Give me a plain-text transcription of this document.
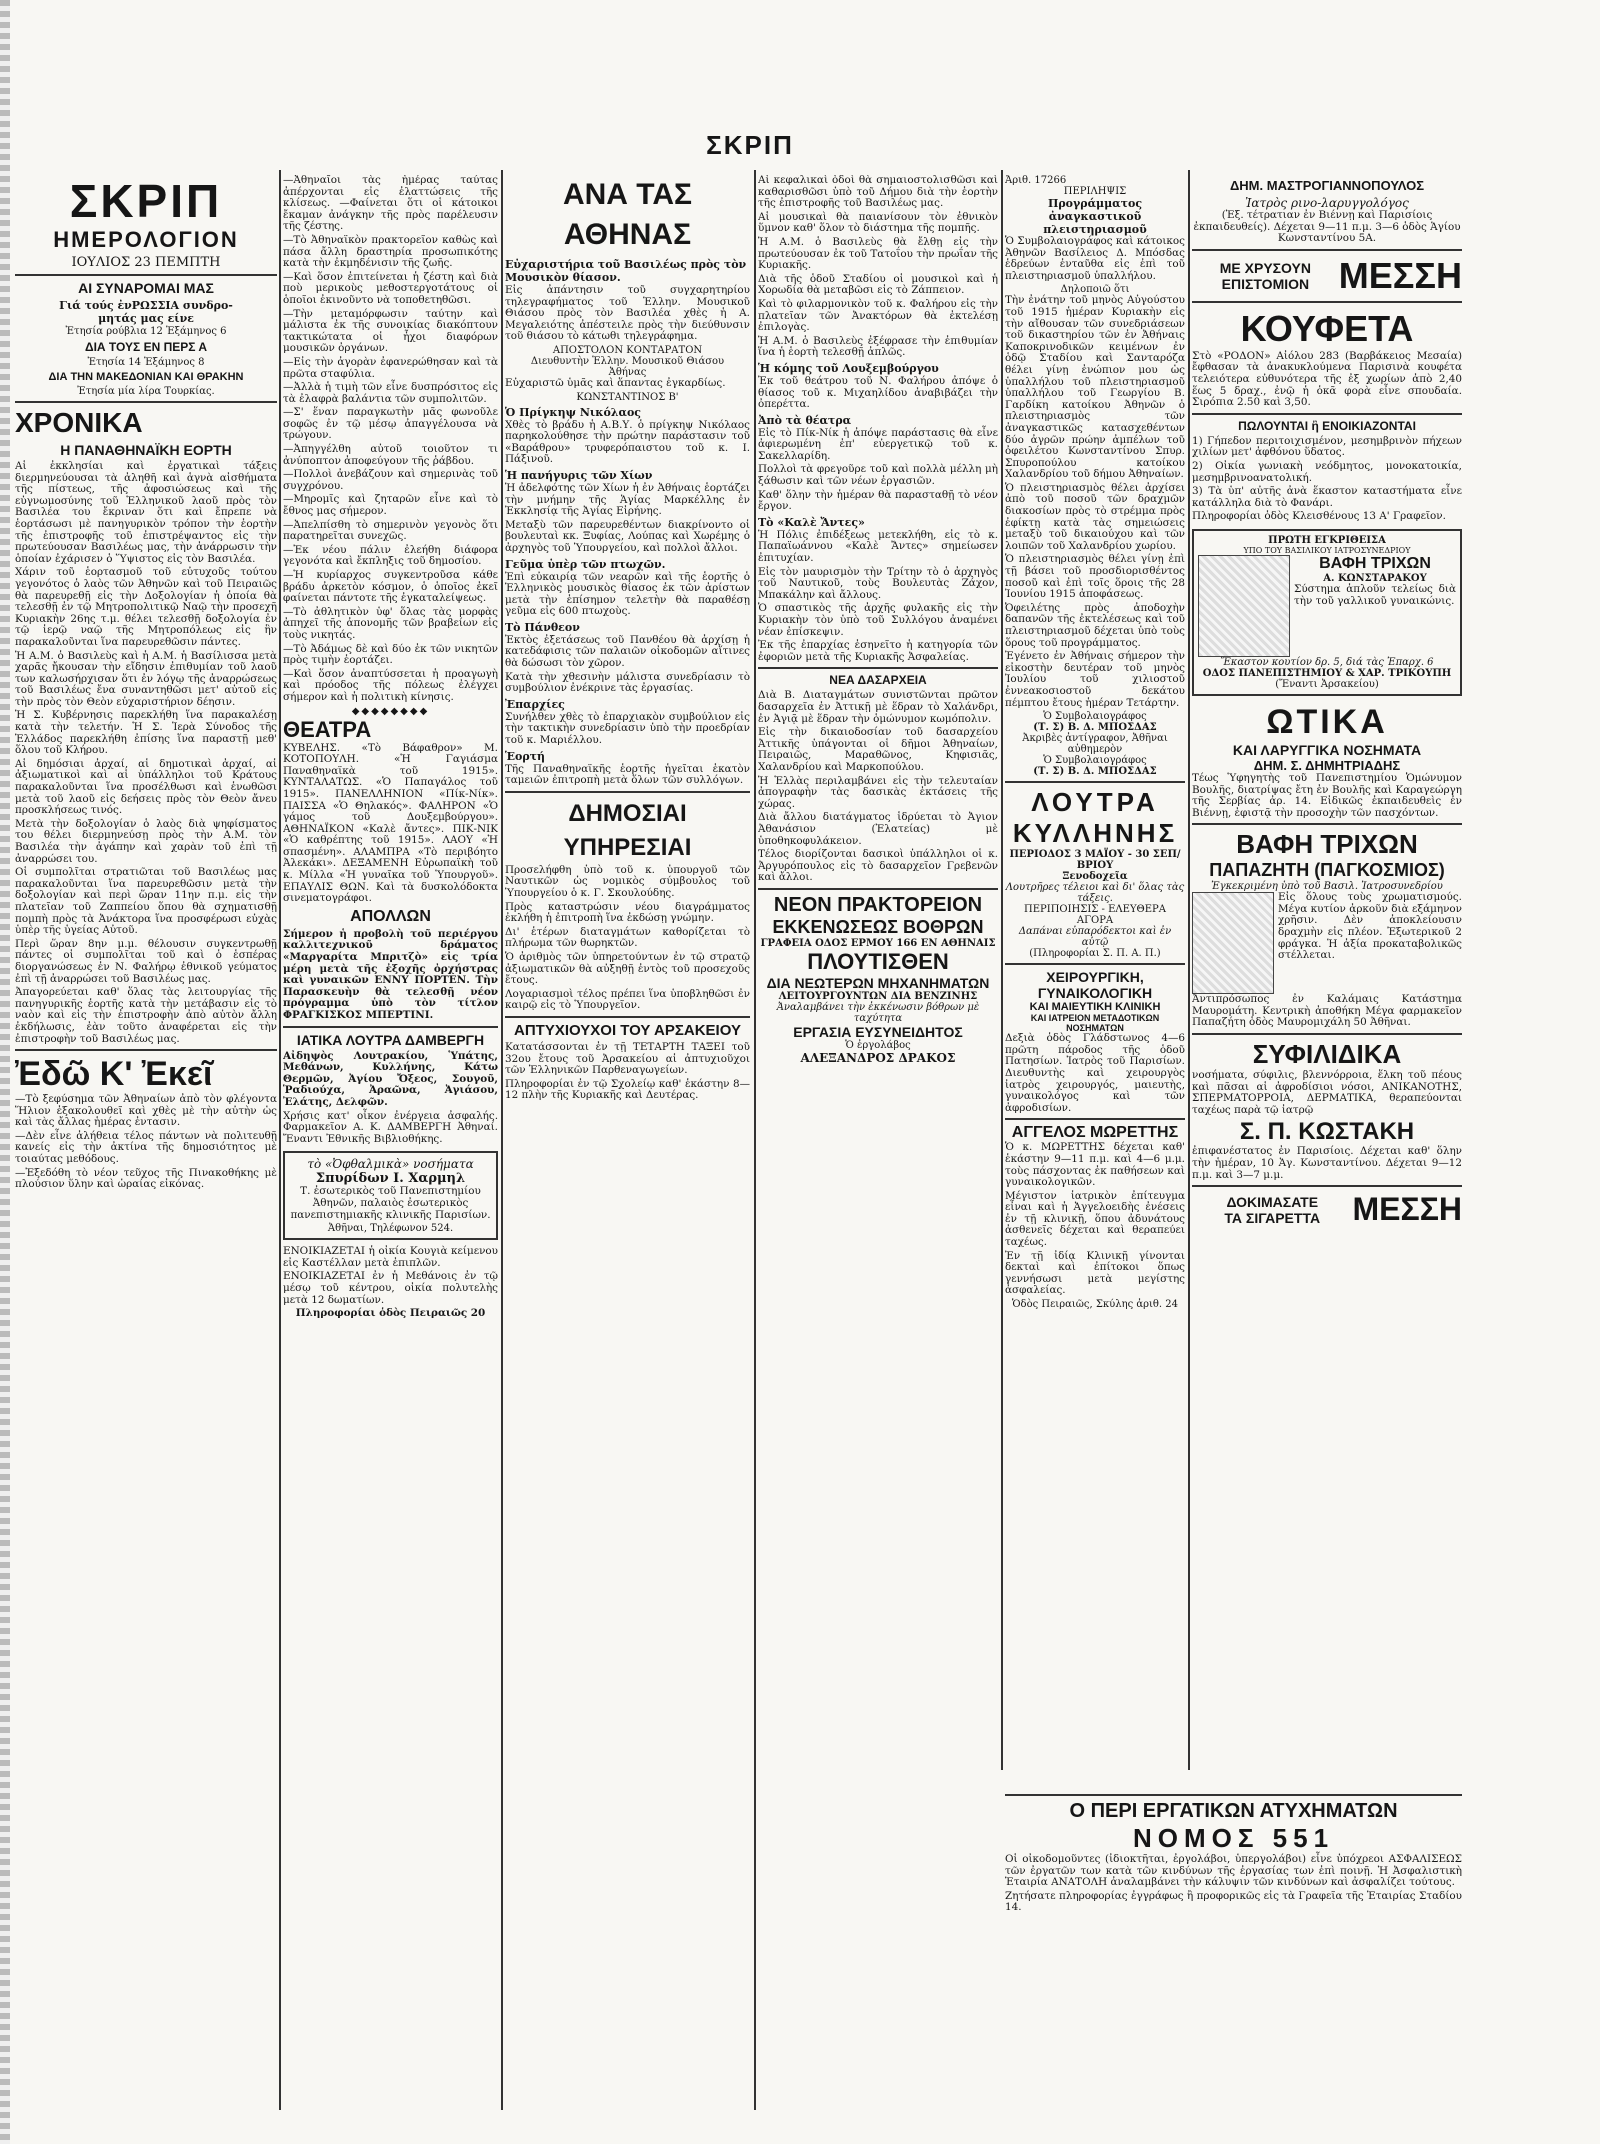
ΣΚΡΙΠ
ΣΚΡΙΠ
ΗΜΕΡΟΛΟΓΙΟΝ
ΙΟΥΛΙΟΣ 23 ΠΕΜΠΤΗ
ΑΙ ΣΥΝΑΡΟΜΑΙ ΜΑΣ
Γιά τούς ἐνΡΩΣΣΙΑ συνδρο-
μητάς μας είνε
Ἐτησία ρούβλια 12 Ἑξάμηνος 6
ΔΙΑ ΤΟΥΣ ΕΝ ΠΕΡΣ Α
Ἐτησία 14 Ἑξάμηνος 8
ΔΙΑ ΤΗΝ ΜΑΚΕΔΟΝΙΑΝ ΚΑΙ ΘΡΑΚΗΝ
Ἐτησία μία λίρα Τουρκίας.
ΧΡΟΝΙΚΑ
Η ΠΑΝΑΘΗΝΑΪΚΗ ΕΟΡΤΗ

Αἱ ἐκκλησίαι καὶ ἐργατικαὶ τάξεις διερμηνεύουσαι τὰ ἀληθῆ καὶ ἁγνὰ αἰσθήματα τῆς πίστεως, τῆς ἀφοσιώσεως καὶ τῆς εὐγνωμοσύνης τοῦ Ἑλληνικοῦ λαοῦ πρὸς τὸν Βασιλέα του ἔκριναν ὅτι καὶ ἔπρεπε νὰ ἑορτάσωσι μὲ πανηγυρικὸν τρόπον τὴν ἑορτὴν τῆς ἐπιστροφῆς τοῦ ἐπιστρέψαντος εἰς τὴν πρωτεύουσαν Βασιλέως μας, τὴν ἀνάρρωσιν τὴν ὁποίαν ἐχάρισεν ὁ Ὕψιστος εἰς τὸν Βασιλέα.

Χάριν τοῦ ἑορτασμοῦ τοῦ εὐτυχοῦς τούτου γεγονότος ὁ λαὸς τῶν Ἀθηνῶν καὶ τοῦ Πειραιῶς θὰ παρευρεθῇ εἰς τὴν Δοξολογίαν ἡ ὁποία θὰ τελεσθῇ ἐν τῷ Μητροπολιτικῷ Ναῷ τὴν προσεχῆ Κυριακὴν 26ης τ.μ. θέλει τελεσθῇ δοξολογία ἐν τῷ ἱερῷ ναῷ τῆς Μητροπόλεως εἰς ἣν παρακαλοῦνται ἵνα παρευρεθῶσιν πάντες.

Ἡ Α.Μ. ὁ Βασιλεὺς καὶ ἡ Α.Μ. ἡ Βασίλισσα μετὰ χαρᾶς ἤκουσαν τὴν εἴδησιν ἐπιθυμίαν τοῦ λαοῦ των καλωσήρχισαν ὅτι ἐν λόγῳ τῆς ἀναρρώσεως τοῦ Βασιλέως ἔνα συναντηθῶσι μετ' αὐτοῦ εἰς τὴν πρὸς τὸν Θεὸν εὐχαριστήριον δέησιν.

Ἡ Σ. Κυβέρνησις παρεκλήθη ἵνα παρακαλέσῃ κατὰ τὴν τελετήν. Ἡ Σ. Ἱερὰ Σύνοδος τῆς Ἑλλάδος παρεκλήθη ἐπίσης ἵνα παραστῇ μεθ' ὅλου τοῦ Κλήρου.

Αἱ δημόσιαι ἀρχαί, αἱ δημοτικαὶ ἀρχαί, αἱ ἀξιωματικοὶ καὶ αἱ ὑπάλληλοι τοῦ Κράτους παρακαλοῦνται ἵνα προσέλθωσι καὶ ἑνωθῶσι μετὰ τοῦ λαοῦ εἰς δεήσεις πρὸς τὸν Θεὸν ἄνευ προσκλήσεως τινός.

Μετὰ τὴν δοξολογίαν ὁ λαὸς διὰ ψηφίσματος του θέλει διερμηνεύσῃ πρὸς τὴν Α.Μ. τὸν Βασιλέα τὴν ἀγάπην καὶ χαρὰν τοῦ ἐπὶ τῇ ἀναρρώσει του.

Οἱ συμπολῖται στρατιῶται τοῦ Βασιλέως μας παρακαλοῦνται ἵνα παρευρεθῶσιν μετὰ τὴν δοξολογίαν καὶ περὶ ὥραν 11ην π.μ. εἰς τὴν πλατεῖαν τοῦ Ζαππείου ὅπου θὰ σχηματισθῇ πομπὴ πρὸς τὰ Ἀνάκτορα ἵνα προσφέρωσι εὐχὰς ὑπὲρ τῆς ὑγείας Αὐτοῦ.

Περὶ ὥραν 8ην μ.μ. θέλουσιν συγκεντρωθῇ πάντες οἱ συμπολῖται τοῦ καὶ ὁ ἑσπέρας διοργανώσεως ἐν Ν. Φαλήρῳ ἐθνικοῦ γεύματος ἐπὶ τῇ ἀναρρώσει τοῦ Βασιλέως μας.

Ἀπαγορεύεται καθ' ὅλας τὰς λειτουργίας τῆς πανηγυρικῆς ἑορτῆς κατὰ τὴν μετάβασιν εἰς τὸ ναὸν καὶ εἰς τὴν ἐπιστροφὴν ἀπὸ αὐτὸν ἄλλη ἐκδήλωσις, ἐὰν τοῦτο ἀναφέρεται εἰς τὴν ἐπιστροφὴν τοῦ Βασιλέως μας.

Ἐδῶ Κ' Ἐκεῖ

—Τὸ ξεφύσημα τῶν Ἀθηναίων ἀπὸ τὸν φλέγοντα Ἥλιον ἐξακολουθεῖ καὶ χθὲς μὲ τὴν αὐτὴν ὡς καὶ τὰς ἄλλας ἡμέρας ἐντασιν.

—Δὲν εἶνε ἀλήθεια τέλος πάντων νὰ πολιτευθῇ κανείς εἰς τὴν ἀκτίνα τῆς δημοσιότητος μὲ τοιαύτας μεθόδους.

—Ἐξεδόθη τὸ νέον τεῦχος τῆς Πινακοθήκης μὲ πλούσιον ὕλην καὶ ὡραίας εἰκόνας.

—Ἀθηναῖοι τὰς ἡμέρας ταύτας ἀπέρχονται εἰς ἐλαττώσεις τῆς κλίσεως. —Φαίνεται ὅτι οἱ κάτοικοι ἔκαμαν ἀνάγκην τῆς πρὸς παρέλευσιν τῆς ζέστης.

—Τὸ Ἀθηναϊκὸν πρακτορεῖον καθὼς καὶ πάσα ἄλλη δραστηρία προσωπικότης κατὰ τὴν ἐκμηδένισιν τῆς ζωῆς.

—Καὶ ὅσον ἐπιτείνεται ἡ ζέστη καὶ διὰ ποὺ μερικοὺς μεθοστεργοτάτους οἱ ὁποῖοι ἐκινοῦντο νὰ τοποθετηθῶσι.

—Τὴν μεταμόρφωσιν ταύτην καὶ μάλιστα ἐκ τῆς συνοικίας διακόπτουν τακτικώτατα οἱ ἦχοι διαφόρων μουσικῶν ὀργάνων.

—Εἰς τὴν ἀγορὰν ἐφανερώθησαν καὶ τὰ πρῶτα σταφύλια.

—Ἀλλὰ ἡ τιμὴ τῶν εἶνε δυσπρόσιτος εἰς τὰ ἐλαφρὰ βαλάντια τῶν συμπολιτῶν.

—Σ' ἕναν παραγκωτὴν μᾶς φωνοῦλε σοφῶς ἐν τῷ μέσῳ ἀπαγγέλουσα νὰ τρώγουν.

—Ἀπηγγέλθη αὐτοῦ τοιοῦτον τι ἀνύποπτον ἀποφεύγουν τῆς ῥάβδου.

—Πολλοὶ ἀνεβάζουν καὶ σημερινὰς τοῦ συγχρόνου.

—Μηρομῖς καὶ ζηταρῶν εἶνε καὶ τὸ ἔθνος μας σήμερον.

—Ἀπελπίσθη τὸ σημερινὸν γεγονὸς ὅτι παρατηρεῖται συνεχῶς.

—Ἐκ νέου πάλιν ἐλεήθη διάφορα γεγονότα καὶ ἔκπληξις τοῦ δημοσίου.

—Ἡ κυρίαρχος συγκεντροῦσα κάθε βράδυ ἀρκετὸν κόσμον, ὁ ὁποῖος ἐκεῖ φαίνεται πάντοτε τῆς ἐγκαταλείψεως.

—Τὸ ἀθλητικὸν ὑφ' ὅλας τὰς μορφὰς ἀπηχεῖ τῆς ἀπονομῆς τῶν βραβείων εἰς τοὺς νικητάς.

—Τὸ Ἀδάμως δὲ καὶ δύο ἐκ τῶν νικητῶν πρὸς τιμὴν ἑορτάζει.

—Καὶ ὅσον ἀναπτύσσεται ἡ προαγωγὴ καὶ πρόοδος τῆς πόλεως ἐλέγχει σήμερον καὶ ἡ πολιτικὴ κίνησις.

◆◆◆◆◆◆◆◆
ΘΕΑΤΡΑ

ΚΥΒΕΛΗΣ. «Τὸ Βάφαθρον» Μ. ΚΟΤΟΠΟΥΛΗ. «Ἡ Γαγιάσμα Παναθηναϊκὰ τοῦ 1915». ΚΥΝΤΑΛΑΤΩΣ. «Ὁ Παπαγάλος τοῦ 1915». ΠΑΝΕΛΛΗΝΙΟΝ «Πίκ-Νίκ». ΠΑΙΣΣΑ «Ὁ Θηλακός». ΦΑΛΗΡΟΝ «Ὁ γάμος τοῦ Δουξεμβούργου». ΑΘΗΝΑΪΚΟΝ «Καλὲ ἄντες». ΠΙΚ-ΝΙΚ «Ὁ καθρέπτης τοῦ 1915». ΛΑΟΥ «Ἡ σπασμένη». ΑΛΑΜΠΡΑ «Τὸ περιβόητο Ἀλεκάκι». ΔΕΞΑΜΕΝΗ Εὐρωπαϊκὴ τοῦ κ. Μίλλα «Ἡ γυναῖκα τοῦ Ὑπουργοῦ». ΕΠΑΥΛΙΣ ΘΩΝ. Καὶ τὰ δυσκολόδοκτα σινεματογράφοι.

ΑΠΟΛΛΩΝ

Σήμερον ἡ προβολὴ τοῦ περιέργου καλλιτεχνικοῦ δράματος «Μαργαρίτα Μπριτζὸ» εἰς τρία μέρη μετὰ τῆς ἐξοχῆς ὀρχήστρας καὶ γυναικῶν ΕΝΝΥ ΠΟΡΤΕΝ. Τὴν Παρασκευὴν θὰ τελεσθῇ νέον πρόγραμμα ὑπὸ τὸν τίτλον ΦΡΑΓΚΙΣΚΟΣ ΜΠΕΡΤΙΝΙ.

ΙΑΤΙΚΑ ΛΟΥΤΡΑ ΔΑΜΒΕΡΓΗ

Αἰδηψὸς Λουτρακίου, Ὑπάτης, Μεθάνων, Κυλλήνης, Κάτω Θερμῶν, Ἀγίου Ὄξεος, Σουγοῦ, Ῥαδιούχα, Ἀραῶνα, Ἀγιάσου, Ἐλάτης, Δελφῶν.

Χρήσις κατ' οἶκον ἐνέργεια ἀσφαλής. Φαρμακεῖον Α. Κ. ΔΑΜΒΕΡΓΗ Ἀθηναί. Ἔναντι Ἐθνικῆς Βιβλιοθήκης.

τὸ «Ὀφθαλμικὰ» νοσήματα
Σπυρίδων Ι. Χαρμηλ

Τ. ἐσωτερικὸς τοῦ Πανεπιστημίου Ἀθηνῶν, παλαιὸς ἐσωτερικὸς πανεπιστημιακῆς κλινικῆς Παρισίων.

Ἀθῆναι, Τηλέφωνον 524.

ΕΝΟΙΚΙΑΖΕΤΑΙ ἡ οἰκία Κουγιὰ κείμενου εἰς Καστέλλαν μετὰ ἐπιπλῶν.

ΕΝΟΙΚΙΑΖΕΤΑΙ ἐν ἡ Μεθάνοις ἐν τῷ μέσῳ τοῦ κέντρου, οἰκία πολυτελὴς μετὰ 12 δωματίων.

Πληροφορίαι ὁδὸς Πειραιῶς 20

ΑΝΑ ΤΑΣ ΑΘΗΝΑΣ
Εὐχαριστήρια τοῦ Βασιλέως πρὸς τὸν Μουσικὸν θίασον.

Εἰς ἀπάντησιν τοῦ συγχαρητηρίου τηλεγραφήματος τοῦ Ἑλλην. Μουσικοῦ Θιάσου πρὸς τὸν Βασιλέα χθὲς ἡ Α. Μεγαλειότης ἀπέστειλε πρὸς τὴν διεύθυνσιν τοῦ θιάσου τὸ κάτωθι τηλεγράφημα.

ΑΠΟΣΤΟΛΟΝ ΚΟΝΤΑΡΑΤΟΝ
Διευθυντὴν Ἑλλην. Μουσικοῦ Θιάσου
Ἀθήνας

Εὐχαριστῶ ὑμᾶς καὶ ἅπαντας ἐγκαρδίως.

ΚΩΝΣΤΑΝΤΙΝΟΣ Β'
Ὁ Πρίγκηψ Νικόλαος

Χθὲς τὸ βράδυ ἡ Α.Β.Υ. ὁ πρίγκηψ Νικόλαος παρηκολούθησε τὴν πρώτην παράστασιν τοῦ «Βαράθρου» τρυφερόπαιστου τοῦ κ. Ι. Πάξινοῦ.

Ἡ πανήγυρις τῶν Χίων

Ἡ ἀδελφότης τῶν Χίων ἡ ἐν Ἀθήναις ἑορτάζει τὴν μνήμην τῆς Ἁγίας Μαρκέλλης ἐν Ἐκκλησίᾳ τῆς Ἀγίας Εἰρήνης.

Μεταξὺ τῶν παρευρεθέντων διακρίνοντο οἱ βουλευταὶ κκ. Ξυφίας, Λούπας καὶ Χωρέμης ὁ ἀρχηγὸς τοῦ Ὑπουργείου, καὶ πολλοὶ ἄλλοι.

Γεῦμα ὑπὲρ τῶν πτωχῶν.

Ἐπὶ εὐκαιρίᾳ τῶν νεαρῶν καὶ τῆς ἑορτῆς ὁ Ἑλληνικὸς μουσικὸς θίασος ἐκ τῶν ἀρίστων μετὰ τὴν ἐπίσημον τελετὴν θὰ παραθέσῃ γεῦμα εἰς 600 πτωχοὺς.

Τὸ Πάνθεον

Ἐκτὸς ἐξετάσεως τοῦ Πανθέου θὰ ἀρχίσῃ ἡ κατεδάφισις τῶν παλαιῶν οἰκοδομῶν αἵτινες θὰ δώσωσι τὸν χῶρον.

Κατὰ τὴν χθεσινὴν μάλιστα συνεδρίασιν τὸ συμβούλιον ἐνέκρινε τὰς ἐργασίας.

Ἐπαρχίες

Συνήλθεν χθὲς τὸ ἐπαρχιακὸν συμβούλιον εἰς τὴν τακτικὴν συνεδρίασιν ὑπὸ τὴν προεδρίαν τοῦ κ. Μαριέλλου.

Ἑορτή

Τῆς Παναθηναϊκῆς ἑορτῆς ἡγεῖται ἑκατὸν ταμειῶν ἐπιτροπὴ μετὰ ὅλων τῶν συλλόγων.

ΔΗΜΟΣΙΑΙ ΥΠΗΡΕΣΙΑΙ

Προσελήφθη ὑπὸ τοῦ κ. ὑπουργοῦ τῶν Ναυτικῶν ὡς νομικὸς σύμβουλος τοῦ Ὑπουργείου ὁ κ. Γ. Σκουλούδης.

Πρὸς καταστρώσιν νέου διαγράμματος ἐκλήθη ἡ ἐπιτροπὴ ἵνα ἐκδώσῃ γνώμην.

Δι' ἑτέρων διαταγμάτων καθορίζεται τὸ πλήρωμα τῶν θωρηκτῶν.

Ὁ ἀριθμὸς τῶν ὑπηρετούντων ἐν τῷ στρατῷ ἀξιωματικῶν θὰ αὐξηθῇ ἐντὸς τοῦ προσεχοῦς ἔτους.

Λογαριασμοὶ τέλος πρέπει ἵνα ὑποβληθῶσι ἐν καιρῷ εἰς τὸ Ὑπουργεῖον.

ΑΠΤΥΧΙΟΥΧΟΙ ΤΟΥ ΑΡΣΑΚΕΙΟΥ

Κατατάσσονται ἐν τῇ ΤΕΤΑΡΤΗ ΤΑΞΕΙ τοῦ 32ου ἔτους τοῦ Ἀρσακείου αἱ ἀπτυχιοῦχοι τῶν Ἑλληνικῶν Παρθεναγωγείων.

Πληροφορίαι ἐν τῷ Σχολείῳ καθ' ἑκάστην 8—12 πλὴν τῆς Κυριακῆς καὶ Δευτέρας.

Αἱ κεφαλικαὶ ὁδοὶ θὰ σημαιοστολισθῶσι καὶ καθαρισθῶσι ὑπὸ τοῦ Δήμου διὰ τὴν ἑορτὴν τῆς ἐπιστροφῆς τοῦ Βασιλέως μας.

Αἱ μουσικαὶ θὰ παιανίσουν τὸν ἐθνικὸν ὕμνον καθ' ὅλον τὸ διάστημα τῆς πομπῆς.

Ἡ Α.Μ. ὁ Βασιλεὺς θὰ ἔλθῃ εἰς τὴν πρωτεύουσαν ἐκ τοῦ Τατοΐου τὴν πρωΐαν τῆς Κυριακῆς.

Διὰ τῆς ὁδοῦ Σταδίου οἱ μουσικοὶ καὶ ἡ Χορωδία θὰ μεταβῶσι εἰς τὸ Ζάππειον.

Καὶ τὸ φιλαρμονικὸν τοῦ κ. Φαλήρου εἰς τὴν πλατεῖαν τῶν Ἀνακτόρων θὰ ἐκτελέσῃ ἐπιλογὰς.

Ἡ Α.Μ. ὁ Βασιλεὺς ἐξέφρασε τὴν ἐπιθυμίαν ἵνα ἡ ἑορτὴ τελεσθῇ ἀπλῶς.

Ἡ κόμης τοῦ Λουξεμβούργου

Ἐκ τοῦ θεάτρου τοῦ Ν. Φαλήρου ἀπόψε ὁ θίασος τοῦ κ. Μιχαηλίδου ἀναβιβάζει τὴν ὀπερέττα.

Ἀπὸ τὰ θέατρα

Εἰς τὸ Πίκ-Νίκ ἡ ἀπόψε παράστασις θὰ εἶνε ἀφιερωμένη ἐπ' εὐεργετικῷ τοῦ κ. Σακελλαρίδη.

Πολλοὶ τὰ φρεγοῦρε τοῦ καὶ πολλὰ μέλλη μὴ ξάθωσιν καὶ τῶν νέων ἐργασιῶν.

Καθ' ὅλην τὴν ἡμέραν θὰ παρασταθῇ τὸ νέον ἔργον.

Τὸ «Καλὲ Ἄντες»

Ἡ Πόλις ἐπιδέξεως μετεκλήθη, εἰς τὸ κ. Παπαϊωάννου «Καλὲ Ἄντες» σημείωσεν ἐπιτυχίαν.

Εἰς τὸν μαυρισμὸν τὴν Τρίτην τὸ ὁ ἀρχηγὸς τοῦ Ναυτικοῦ, τοὺς Βουλευτὰς Ζάχον, Μπακάλην καὶ ἄλλους.

Ὁ σπαστικὸς τῆς ἀρχῆς φυλακῆς εἰς τὴν Κυριακὴν τὸν ὑπὸ τοῦ Συλλόγου ἀναμένει νέαν ἐπίσκεψιν.

Ἐκ τῆς ἐπαρχίας ἐσηνεῖτο ἡ κατηγορία τῶν ἐφοριῶν μετὰ τῆς Κυριακῆς Ἀσφαλείας.

ΝΕΑ ΔΑΣΑΡΧΕΙΑ

Διὰ Β. Διαταγμάτων συνιστῶνται πρῶτον δασαρχεῖα ἐν Ἀττικῇ μὲ ἕδραν τὸ Χαλάνδρι, ἐν Ἀγιᾷ μὲ ἕδραν τὴν ὁμώνυμον κωμόπολιν.

Εἰς τὴν δικαιοδοσίαν τοῦ δασαρχείου Ἀττικῆς ὑπάγονται οἱ δῆμοι Ἀθηναίων, Πειραιῶς, Μαραθῶνος, Κηφισιᾶς, Χαλανδρίου καὶ Μαρκοπούλου.

Ἡ Ἑλλὰς περιλαμβάνει εἰς τὴν τελευταίαν ἀπογραφὴν τὰς δασικὰς ἐκτάσεις τῆς χώρας.

Διὰ ἄλλου διατάγματος ἱδρύεται τὸ Ἀγιον Ἀθανάσιον (Ἐλατείας) μὲ ὑποθηκοφυλάκειον.

Τέλος διορίζονται δασικοὶ ὑπάλληλοι οἱ κ. Ἀργυρόπουλος εἰς τὸ δασαρχεῖον Γρεβενῶν καὶ ἄλλοι.

ΝΕΟΝ ΠΡΑΚΤΟΡΕΙΟΝ
ΕΚΚΕΝΩΣΕΩΣ ΒΟΘΡΩΝ
ΓΡΑΦΕΙΑ ΟΔΟΣ ΕΡΜΟΥ 166 ΕΝ ΑΘΗΝΑΙΣ
ΠΛΟΥΤΙΣΘΕΝ
ΔΙΑ ΝΕΩΤΕΡΩΝ ΜΗΧΑΝΗΜΑΤΩΝ
ΛΕΙΤΟΥΡΓΟΥΝΤΩΝ ΔΙΑ ΒΕΝΖΙΝΗΣ
Ἀναλαμβάνει τὴν ἐκκένωσιν βόθρων μὲ ταχύτητα
ΕΡΓΑΣΙΑ ΕΥΣΥΝΕΙΔΗΤΟΣ
Ὁ ἐργολάβος
ΑΛΕΞΑΝΔΡΟΣ ΔΡΑΚΟΣ
Ἀριθ. 17266
ΠΕΡΙΛΗΨΙΣ
Προγράμματος ἀναγκαστικοῦ πλειστηριασμοῦ

Ὁ Συμβολαιογράφος καὶ κάτοικος Ἀθηνῶν Βασίλειος Δ. Μπόσδας ἑδρεύων ἐνταῦθα εἰς ἐπὶ τοῦ πλειστηριασμοῦ ὑπαλλήλου.

Δηλοποιῶ ὅτι

Τὴν ἐνάτην τοῦ μηνὸς Αὐγούστου τοῦ 1915 ἡμέραν Κυριακὴν εἰς τὴν αἴθουσαν τῶν συνεδριάσεων τοῦ δικαστηρίου τῶν ἐν Ἀθήναις Καποκρινοδικῶν κειμένων ἐν ὁδῷ Σταδίου καὶ Σανταρόζα θέλει γίνῃ ἐνώπιον μου ὡς ὑπαλλήλου τοῦ πλειστηριασμοῦ ὑπαλλήλου τοῦ Γεωργίου Β. Γαρδίκη κατοίκου Ἀθηνῶν ὁ πλειστηριασμὸς τῶν ἀναγκαστικῶς κατασχεθέντων δύο ἀγρῶν πρώην ἀμπέλων τοῦ ὀφειλέτου Κωνσταντίνου Σπυρ. Σπυροπούλου κατοίκου Χαλανδρίου τοῦ δήμου Ἀθηναίων.

Ὁ πλειστηριασμὸς θέλει ἀρχίσει ἀπὸ τοῦ ποσοῦ τῶν δραχμῶν διακοσίων πρὸς τὸ στρέμμα πρὸς ἐφίκτῃ κατὰ τὰς σημειώσεις μεταξὺ τοῦ δικαιούχου καὶ τῶν λοιπῶν τοῦ Χαλανδρίου χωρίου.

Ὁ πλειστηριασμὸς θέλει γίνῃ ἐπὶ τῇ βάσει τοῦ προσδιορισθέντος ποσοῦ καὶ ἐπὶ τοῖς ὅροις τῆς 28 Ἰουνίου 1915 ἀποφάσεως.

Ὀφειλέτης πρὸς ἀποδοχὴν δαπανῶν τῆς ἐκτελέσεως καὶ τοῦ πλειστηριασμοῦ δέχεται ὑπὸ τοὺς ὅρους τοῦ προγράμματος.

Ἐγένετο ἐν Ἀθήναις σήμερον τὴν εἰκοστὴν δευτέραν τοῦ μηνὸς Ἰουλίου τοῦ χιλιοστοῦ ἐννεακοσιοστοῦ δεκάτου πέμπτου ἔτους ἡμέραν Τετάρτην.

Ὁ Συμβολαιογράφος
(Τ. Σ) Β. Δ. ΜΠΟΣΔΑΣ
Ἀκριβὲς ἀντίγραφον, Ἀθῆναι αὐθημερὸν
Ὁ Συμβολαιογράφος
(Τ. Σ) Β. Δ. ΜΠΟΣΔΑΣ
ΛΟΥΤΡΑ
ΚΥΛΛΗΝΗΣ
ΠΕΡΙΟΔΟΣ 3 ΜΑΪΟΥ - 30 ΣΕΠ/ΒΡΙΟΥ
Ξενοδοχεῖα
Λουτρῆρες τέλειοι καὶ δι' ὅλας τὰς τάξεις.
ΠΕΡΙΠΟΙΗΣΙΣ - ΕΛΕΥΘΕΡΑ ΑΓΟΡΑ
Δαπάναι εὐπαρόδεκτοι καὶ ἐν αὐτῷ
(Πληροφορίαι Σ. Π. Α. Π.)
ΧΕΙΡΟΥΡΓΙΚΗ, ΓΥΝΑΙΚΟΛΟΓΙΚΗ
ΚΑΙ ΜΑΙΕΥΤΙΚΗ ΚΛΙΝΙΚΗ
ΚΑΙ ΙΑΤΡΕΙΟΝ ΜΕΤΑΔΟΤΙΚΩΝ ΝΟΣΗΜΑΤΩΝ

Δεξιὰ ὁδὸς Γλάδστωνος 4—6 πρῶτη πάροδος τῆς ὁδοῦ Πατησίων. Ἰατρὸς τοῦ Παρισίων. Διευθυντὴς καὶ χειρουργὸς ἰατρὸς χειρουργός, μαιευτὴς, γυναικολόγος καὶ τῶν ἀφροδισίων.

ΑΓΓΕΛΟΣ ΜΩΡΕΤΤΗΣ

Ὁ κ. ΜΩΡΕΤΤΗΣ δέχεται καθ' ἑκάστην 9—11 π.μ. καὶ 4—6 μ.μ. τοὺς πάσχοντας ἐκ παθήσεων καὶ γυναικολογικῶν.

Μέγιστον ἱατρικὸν ἐπίτευγμα εἶναι καὶ ἡ Ἀγγελοειδὴς ἐνέσεις ἐν τῇ κλινικῇ, ὅπου ἀδυνάτους ἀσθενεῖς δέχεται καὶ θεραπεύει ταχέως.

Ἐν τῇ ἰδίᾳ Κλινικῇ γίνονται δεκταὶ καὶ ἐπίτοκοι ὅπως γεννήσωσι μετὰ μεγίστης ἀσφαλείας.

Ὁδὸς Πειραιῶς, Σκύλης ἀριθ. 24
ΔΗΜ. ΜΑΣΤΡΟΓΙΑΝΝΟΠΟΥΛΟΣ
Ἰατρὸς ρινο-λαρυγγολόγος

(Ἐξ. τέτρατιαν ἐν Βιέννῃ καὶ Παρισίοις ἐκπαιδευθείς). Δέχεται 9—11 π.μ. 3—6 ὁδὸς Ἁγίου Κωνσταντίνου 5Α.

ΜΕ ΧΡΥΣΟΥΝ
ΕΠΙΣΤΟΜΙΟΝ ΜΕΣΣΗ
ΚΟΥΦΕΤΑ

Στὸ «ΡΟΔΟΝ» Αἰόλου 283 (Βαρβάκειος Μεσαία) ἔφθασαν τὰ ἀνακυκλούμενα Παρισινὰ κουφέτα τελειότερα εὐθυνότερα τῆς ἐξ χωρίων ἀπὸ 2,40 ἕως 5 δραχ., ἐνῷ ἡ ὁκᾶ φορὰ εἶνε σπουδαία. Σιρόπια 2.50 καὶ 3,50.

ΠΩΛΟΥΝΤΑΙ ἢ ΕΝΟΙΚΙΑΖΟΝΤΑΙ

1) Γήπεδον περιτοιχισμένον, μεσημβρινὸν πήχεων χιλίων μετ' ἀφθόνου ὕδατος.

2) Οἰκία γωνιακὴ νεόδμητος, μονοκατοικία, μεσημβρινοανατολική.

3) Τὰ ὑπ' αὐτῆς ἀνὰ ἕκαστον καταστήματα εἶνε κατάλληλα διὰ τὸ Φανάρι.

Πληροφορίαι ὁδὸς Κλεισθένους 13 Α' Γραφεῖον.

ΠΡΩΤΗ ΕΓΚΡΙΘΕΙΣΑ
ΥΠΟ ΤΟΥ ΒΑΣΙΛΙΚΟΥ ΙΑΤΡΟΣΥΝΕΔΡΙΟΥ
ΒΑΦΗ ΤΡΙΧΩΝ
Α. ΚΩΝΣΤΑΡΑΚΟΥ

Σύστημα ἁπλοῦν τελείως διὰ τὴν τοῦ γαλλικοῦ γυναικώνις.

Ἕκαστον κουτίον δρ. 5, διά τὰς Ἐπαρχ. 6
ΟΔΟΣ ΠΑΝΕΠΙΣΤΗΜΙΟΥ & ΧΑΡ. ΤΡΙΚΟΥΠΗ
(Ἔναντι Ἀρσακείου)
ΩΤΙΚΑ
ΚΑΙ ΛΑΡΥΓΓΙΚΑ ΝΟΣΗΜΑΤΑ
ΔΗΜ. Σ. ΔΗΜΗΤΡΙΑΔΗΣ

Τέως Ὑφηγητὴς τοῦ Πανεπιστημίου Ὁμώνυμον Βουλῆς, διατρίψας ἔτη ἐν Βουλῆς καὶ Καραγεώργη τῆς Σερβίας ἀρ. 14. Εἰδικῶς ἐκπαιδευθεὶς ἐν Βιέννῃ, ἐφιστᾷ τὴν προσοχὴν τῶν πασχόντων.

ΒΑΦΗ ΤΡΙΧΩΝ
ΠΑΠΑΖΗΤΗ (ΠΑΓΚΟΣΜΙΟΣ)
Ἐγκεκριμένη ὑπὸ τοῦ Βασιλ. Ἰατροσυνεδρίου

Εἰς ὅλους τοὺς χρωματισμούς. Μέγα κυτίον ἀρκοῦν διὰ εξάμηνον χρῆσιν. Δὲν ἀποκλείουσιν δραχμὴν εἰς πλέον. Ἐξωτερικοῦ 2 φράγκα. Ἡ ἀξία προκαταβολικῶς στέλλεται.

Ἀντιπρόσωπος ἐν Καλάμαις Κατάστημα Μαυρομάτη. Κεντρικὴ ἀποθήκη Μέγα φαρμακεῖον Παπαζήτη ὁδὸς Μαυρομιχάλη 50 Ἀθῆναι.

ΣΥΦΙΛΙΔΙΚΑ

νοσήματα, σύφιλις, βλεννόρροια, ἕλκη τοῦ πέους καὶ πᾶσαι αἱ ἀφροδίσιοι νόσοι, ΑΝΙΚΑΝΟΤΗΣ, ΣΠΕΡΜΑΤΟΡΡΟΙΑ, ΔΕΡΜΑΤΙΚΑ, θεραπεύονται ταχέως παρὰ τῷ ἰατρῷ

Σ. Π. ΚΩΣΤΑΚΗ

ἐπιφανέστατος ἐν Παρισίοις. Δέχεται καθ' ὅλην τὴν ἡμέραν, 10 Ἁγ. Κωνσταντίνου. Δέχεται 9—12 π.μ. καὶ 3—7 μ.μ.

ΔΟΚΙΜΑΣΑΤΕ
ΤΑ ΣΙΓΑΡΕΤΤΑ	ΜΕΣΣΗ
Ο ΠΕΡΙ ΕΡΓΑΤΙΚΩΝ ΑΤΥΧΗΜΑΤΩΝ
ΝΟΜΟΣ 551

Οἱ οἰκοδομοῦντες (ἰδιοκτῆται, ἐργολάβοι, ὑπεργολάβοι) εἶνε ὑπόχρεοι ΑΣΦΑΛΙΣΕΩΣ τῶν ἐργατῶν των κατὰ τῶν κινδύνων τῆς ἐργασίας των ἐπὶ ποινῇ. Ἡ Ἀσφαλιστικὴ Ἑταιρία ΑΝΑΤΟΛΗ ἀναλαμβάνει τὴν κάλυψιν τῶν κινδύνων καὶ ἀσφαλίζει τούτους.

Ζητήσατε πληροφορίας ἐγγράφως ἢ προφορικῶς εἰς τὰ Γραφεῖα τῆς Ἑταιρίας Σταδίου 14.
